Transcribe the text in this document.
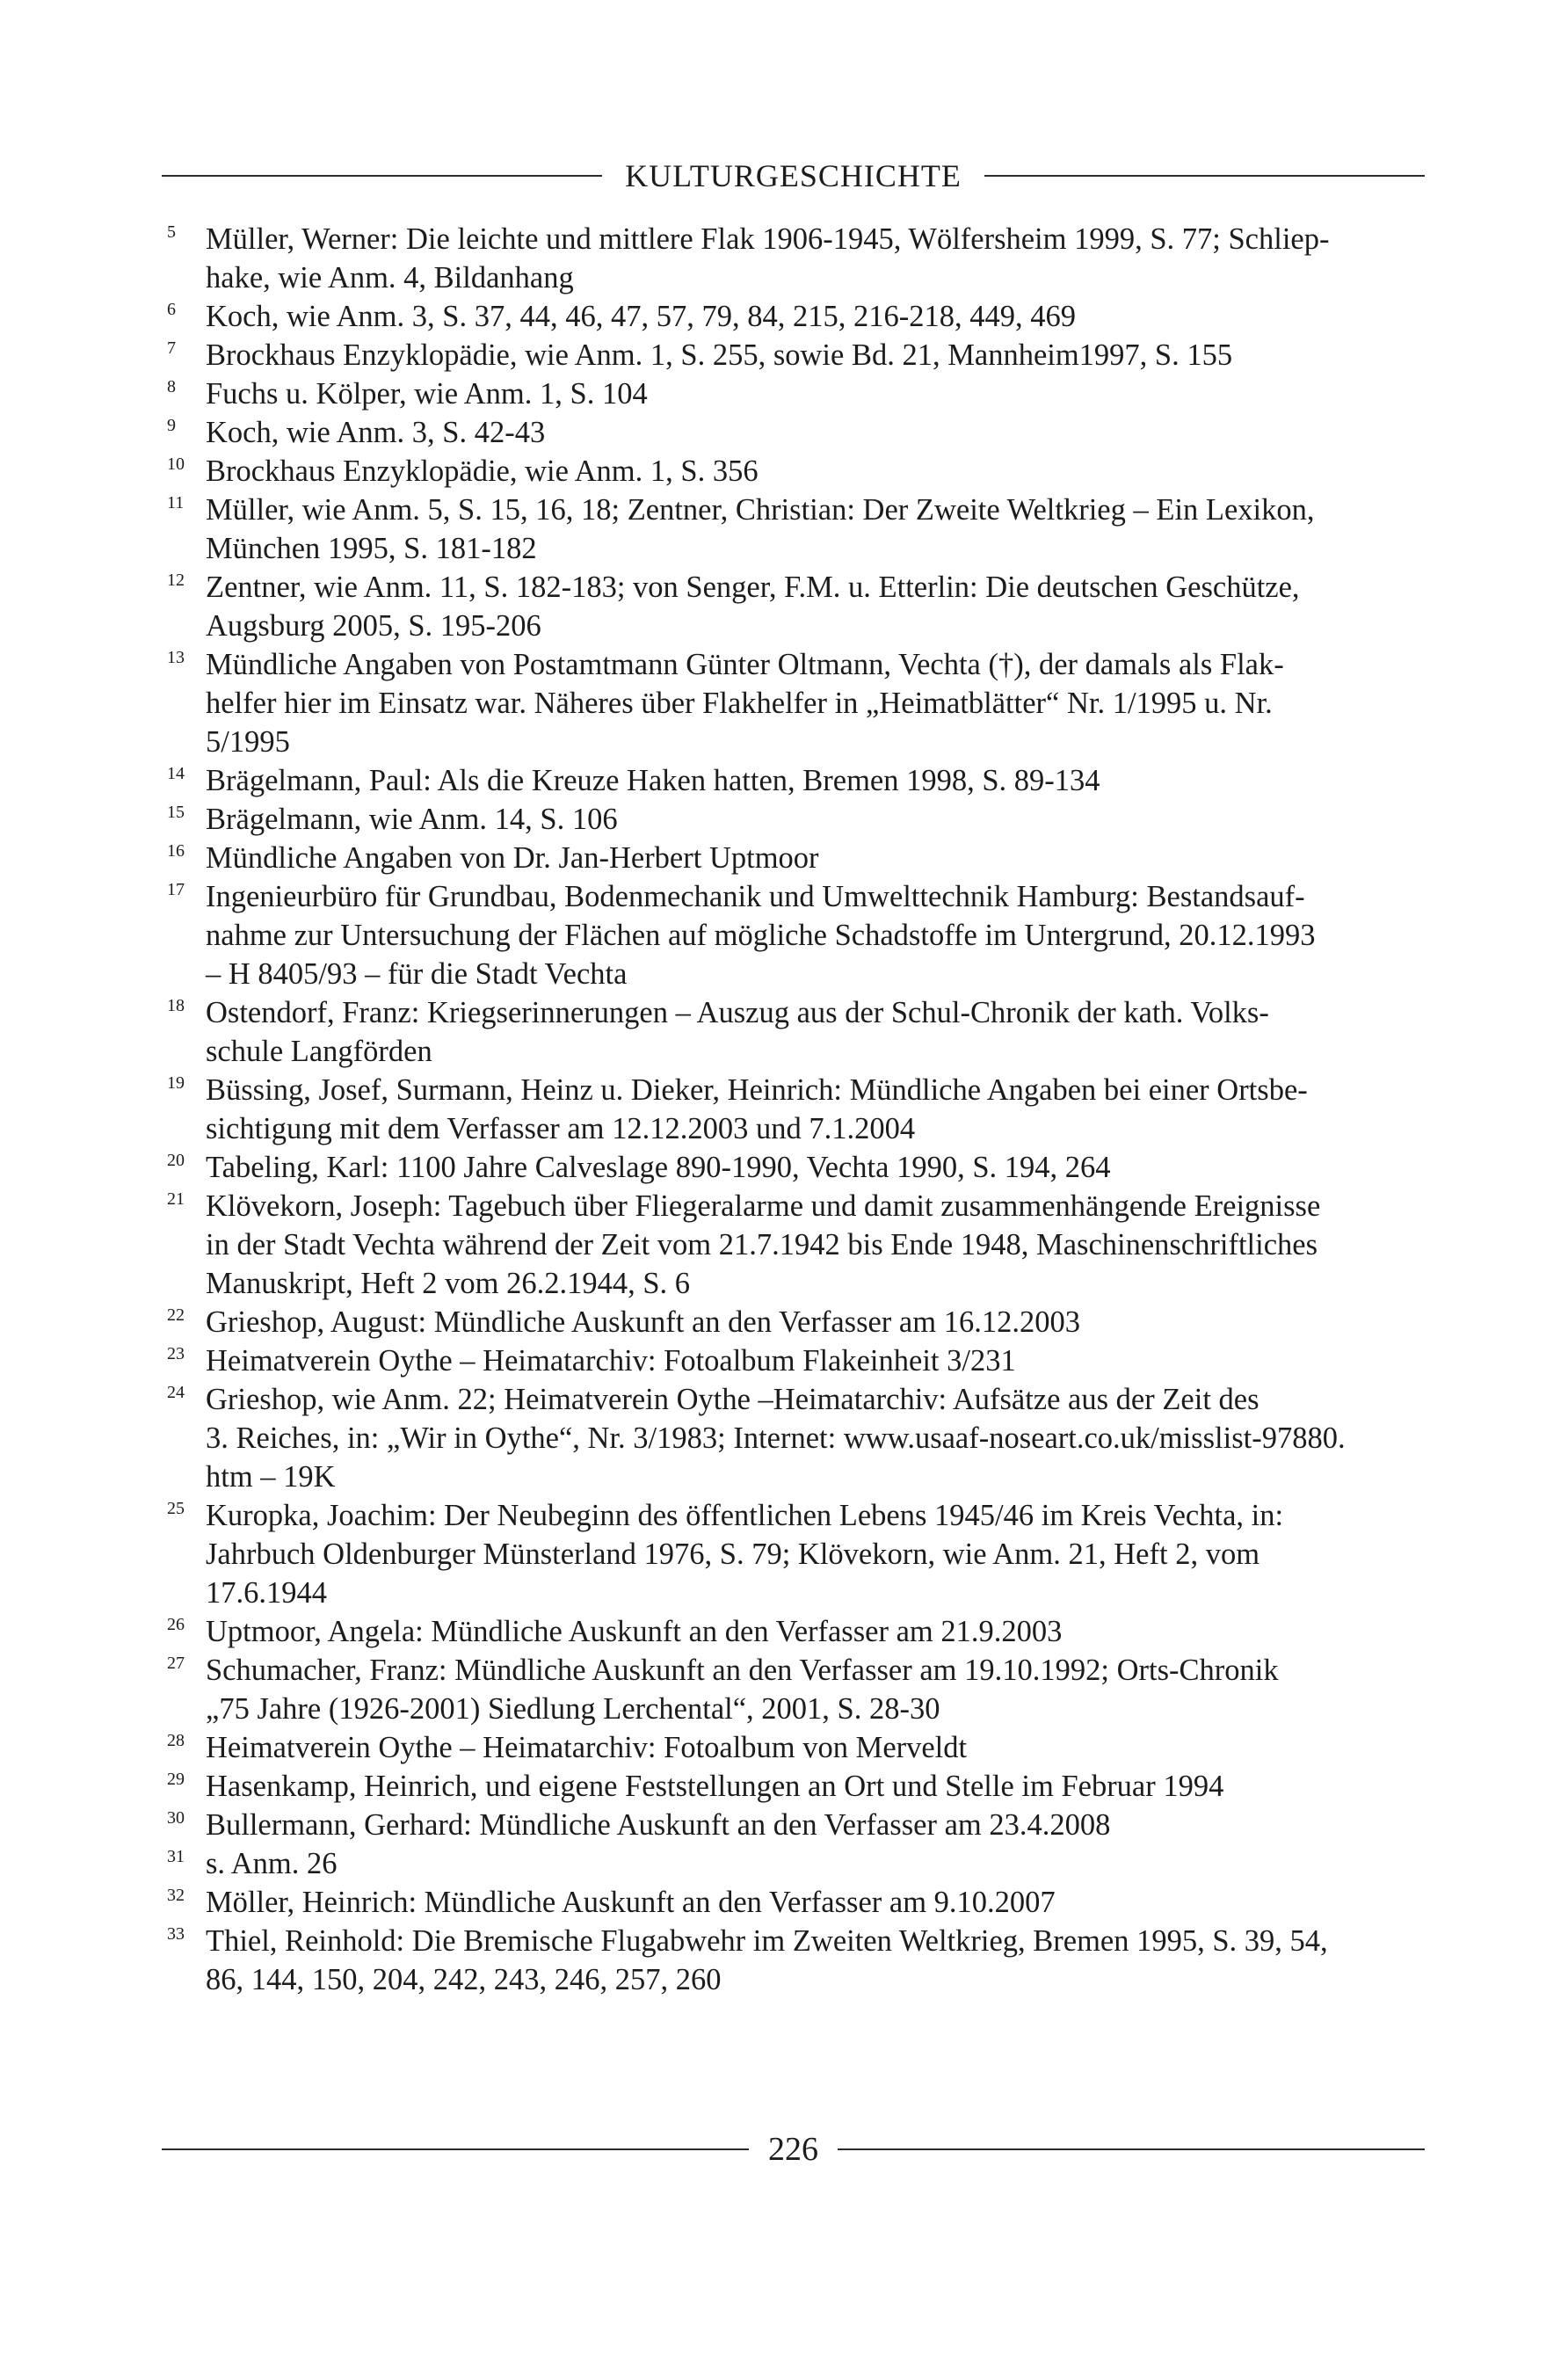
KULTURGESCHICHTE
5 Müller, Werner: Die leichte und mittlere Flak 1906-1945, Wölfersheim 1999, S. 77; Schliep-
hake, wie Anm. 4, Bildanhang
6 Koch, wie Anm. 3, S. 37, 44, 46, 47, 57, 79, 84, 215, 216-218, 449, 469
7 Brockhaus Enzyklopädie, wie Anm. 1, S. 255, sowie Bd. 21, Mannheim1997, S. 155
8 Fuchs u. Kölper, wie Anm. 1, S. 104
9 Koch, wie Anm. 3, S. 42-43
10 Brockhaus Enzyklopädie, wie Anm. 1, S. 356
11 Müller, wie Anm. 5, S. 15, 16, 18; Zentner, Christian: Der Zweite Weltkrieg – Ein Lexikon,
München 1995, S. 181-182
12 Zentner, wie Anm. 11, S. 182-183; von Senger, F.M. u. Etterlin: Die deutschen Geschütze,
Augsburg 2005, S. 195-206
13 Mündliche Angaben von Postamtmann Günter Oltmann, Vechta (†), der damals als Flak-
helfer hier im Einsatz war. Näheres über Flakhelfer in „Heimatblätter“ Nr. 1/1995 u. Nr.
5/1995
14 Brägelmann, Paul: Als die Kreuze Haken hatten, Bremen 1998, S. 89-134
15 Brägelmann, wie Anm. 14, S. 106
16 Mündliche Angaben von Dr. Jan-Herbert Uptmoor
17 Ingenieurbüro für Grundbau, Bodenmechanik und Umwelttechnik Hamburg: Bestandsauf-
nahme zur Untersuchung der Flächen auf mögliche Schadstoffe im Untergrund, 20.12.1993
– H 8405/93 – für die Stadt Vechta
18 Ostendorf, Franz: Kriegserinnerungen – Auszug aus der Schul-Chronik der kath. Volks-
schule Langförden
19 Büssing, Josef, Surmann, Heinz u. Dieker, Heinrich: Mündliche Angaben bei einer Ortsbe-
sichtigung mit dem Verfasser am 12.12.2003 und 7.1.2004
20 Tabeling, Karl: 1100 Jahre Calveslage 890-1990, Vechta 1990, S. 194, 264
21 Klövekorn, Joseph: Tagebuch über Fliegeralarme und damit zusammenhängende Ereignisse
in der Stadt Vechta während der Zeit vom 21.7.1942 bis Ende 1948, Maschinenschriftliches
Manuskript, Heft 2 vom 26.2.1944, S. 6
22 Grieshop, August: Mündliche Auskunft an den Verfasser am 16.12.2003
23 Heimatverein Oythe – Heimatarchiv: Fotoalbum Flakeinheit 3/231
24 Grieshop, wie Anm. 22; Heimatverein Oythe –Heimatarchiv: Aufsätze aus der Zeit des
3. Reiches, in: „Wir in Oythe“, Nr. 3/1983; Internet: www.usaaf-noseart.co.uk/misslist-97880.
htm – 19K
25 Kuropka, Joachim: Der Neubeginn des öffentlichen Lebens 1945/46 im Kreis Vechta, in:
Jahrbuch Oldenburger Münsterland 1976, S. 79; Klövekorn, wie Anm. 21, Heft 2, vom
17.6.1944
26 Uptmoor, Angela: Mündliche Auskunft an den Verfasser am 21.9.2003
27 Schumacher, Franz: Mündliche Auskunft an den Verfasser am 19.10.1992; Orts-Chronik
„75 Jahre (1926-2001) Siedlung Lerchental“, 2001, S. 28-30
28 Heimatverein Oythe – Heimatarchiv: Fotoalbum von Merveldt
29 Hasenkamp, Heinrich, und eigene Feststellungen an Ort und Stelle im Februar 1994
30 Bullermann, Gerhard: Mündliche Auskunft an den Verfasser am 23.4.2008
31 s. Anm. 26
32 Möller, Heinrich: Mündliche Auskunft an den Verfasser am 9.10.2007
33 Thiel, Reinhold: Die Bremische Flugabwehr im Zweiten Weltkrieg, Bremen 1995, S. 39, 54,
86, 144, 150, 204, 242, 243, 246, 257, 260
226
